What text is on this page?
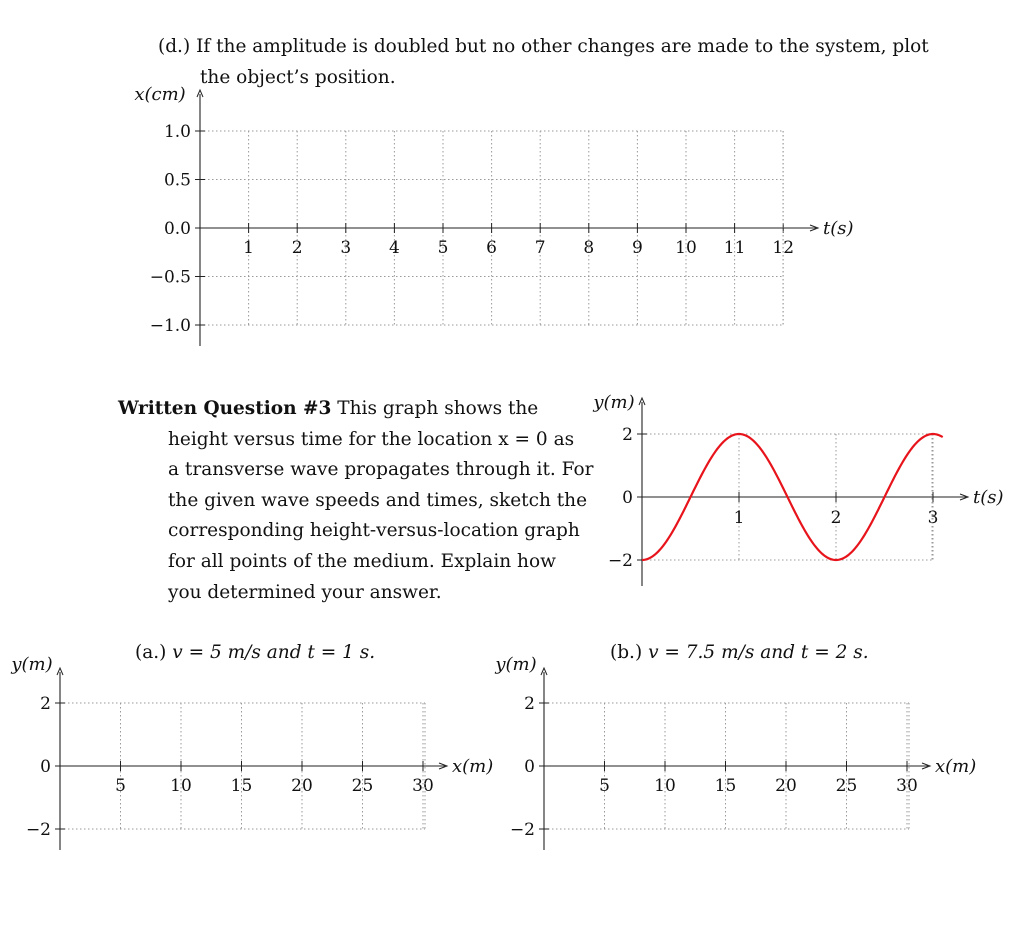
(d.) If the amplitude is doubled but no other changes are made to the system, plot
the object’s position.
Written Question #3 This graph shows the
height versus time for the location x = 0 as
a transverse wave propagates through it. For
the given wave speeds and times, sketch the
corresponding height-versus-location graph
for all points of the medium. Explain how
you determined your answer.
(a.) v = 5 m/s and t = 1 s.	(b.) v = 7.5 m/s and t = 2 s.
1.0
0.5
0.0
−0.5
−1.0
1 2 3 4 5 6 7 8 9 10 11 12
t(s)
x(cm)
2
0
−2
1	2	3
t(s)
y(m)
2
0
−2
5	10 15 20 25 30
x(m)
y(m)
2
0
−2
5	10 15 20 25 30
x(m)
y(m)
